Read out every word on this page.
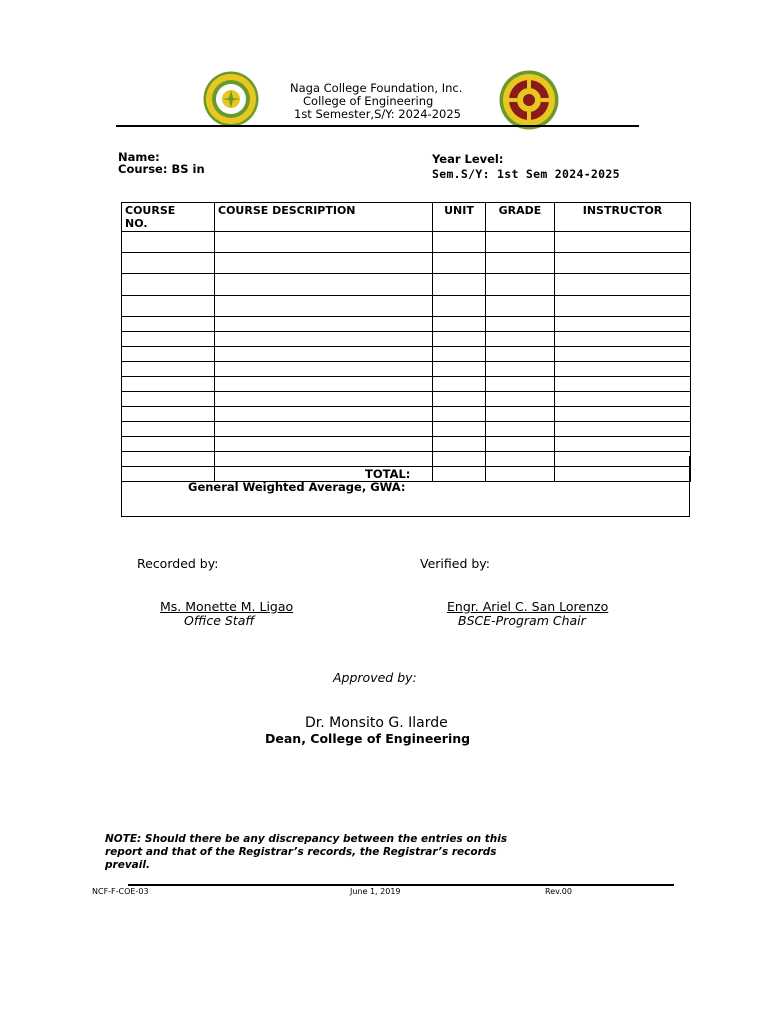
Naga College Foundation, Inc.
College of Engineering
1st Semester,S/Y: 2024-2025
Name:
Course: BS in
Year Level:
Sem.S/Y: 1st Sem 2024-2025
COURSE NO.	COURSE DESCRIPTION	UNIT	GRADE	INSTRUCTOR

TOTAL:
General Weighted Average, GWA:
Recorded by:	Verified by:
Ms. Monette M. Ligao
Office Staff
Engr. Ariel C. San Lorenzo
BSCE-Program Chair
Approved by:
Dr. Monsito G. Ilarde
Dean, College of Engineering
NOTE: Should there be any discrepancy between the entries on this report and that of the Registrar’s records, the Registrar’s records prevail.
NCF-F-COE-03	June 1, 2019	Rev.00
